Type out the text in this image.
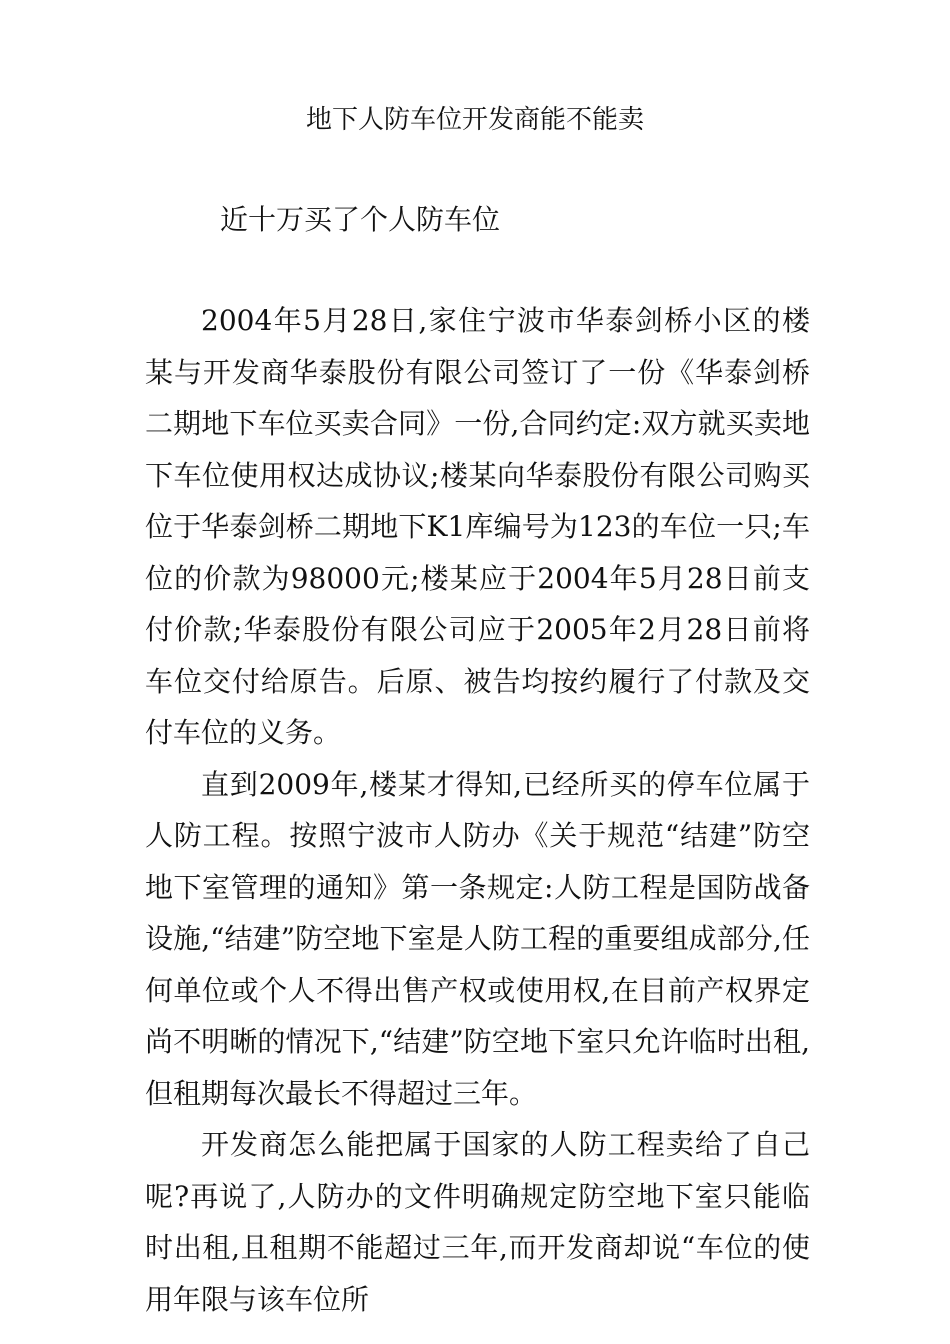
地下人防车位开发商能不能卖

近十万买了个人防车位

2004年5月28日,家住宁波市华泰剑桥小区的楼某与开发商华泰股份有限公司签订了一份《华泰剑桥二期地下车位买卖合同》一份,合同约定:双方就买卖地下车位使用权达成协议;楼某向华泰股份有限公司购买位于华泰剑桥二期地下K1库编号为123的车位一只;车位的价款为98000元;楼某应于2004年5月28日前支付价款;华泰股份有限公司应于2005年2月28日前将车位交付给原告。后原、被告均按约履行了付款及交付车位的义务。

直到2009年,楼某才得知,已经所买的停车位属于人防工程。按照宁波市人防办《关于规范“结建”防空地下室管理的通知》第一条规定:人防工程是国防战备设施,“结建”防空地下室是人防工程的重要组成部分,任何单位或个人不得出售产权或使用权,在目前产权界定尚不明晰的情况下,“结建”防空地下室只允许临时出租,但租期每次最长不得超过三年。

开发商怎么能把属于国家的人防工程卖给了自己呢?再说了,人防办的文件明确规定防空地下室只能临时出租,且租期不能超过三年,而开发商却说“车位的使用年限与该车位所
